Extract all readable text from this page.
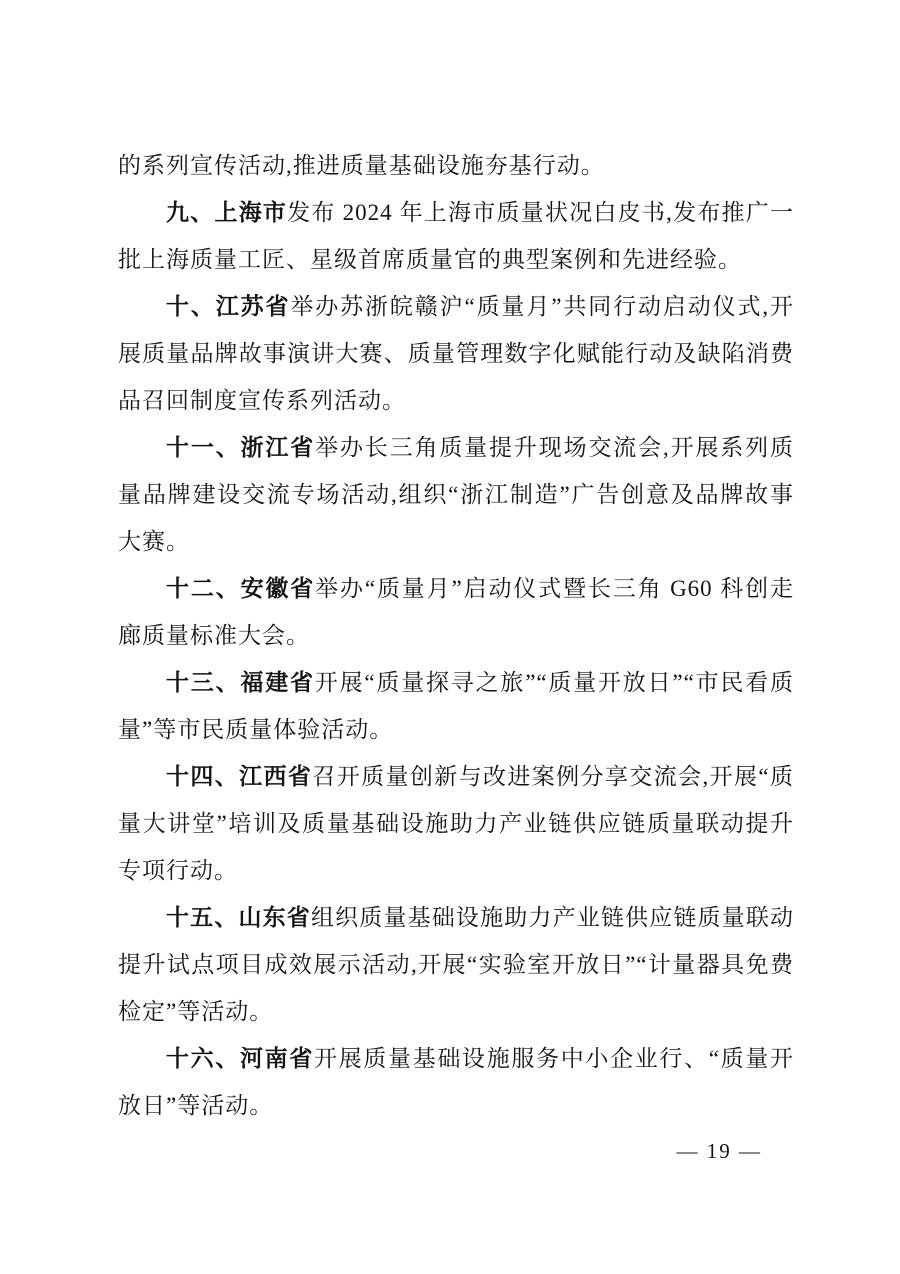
的系列宣传活动,推进质量基础设施夯基行动。

九、上海市发布 2024 年上海市质量状况白皮书,发布推广一批上海质量工匠、星级首席质量官的典型案例和先进经验。

十、江苏省举办苏浙皖赣沪“质量月”共同行动启动仪式,开展质量品牌故事演讲大赛、质量管理数字化赋能行动及缺陷消费品召回制度宣传系列活动。

十一、浙江省举办长三角质量提升现场交流会,开展系列质量品牌建设交流专场活动,组织“浙江制造”广告创意及品牌故事大赛。

十二、安徽省举办“质量月”启动仪式暨长三角 G60 科创走廊质量标准大会。

十三、福建省开展“质量探寻之旅”“质量开放日”“市民看质量”等市民质量体验活动。

十四、江西省召开质量创新与改进案例分享交流会,开展“质量大讲堂”培训及质量基础设施助力产业链供应链质量联动提升专项行动。

十五、山东省组织质量基础设施助力产业链供应链质量联动提升试点项目成效展示活动,开展“实验室开放日”“计量器具免费检定”等活动。

十六、河南省开展质量基础设施服务中小企业行、“质量开放日”等活动。

— 19 —
